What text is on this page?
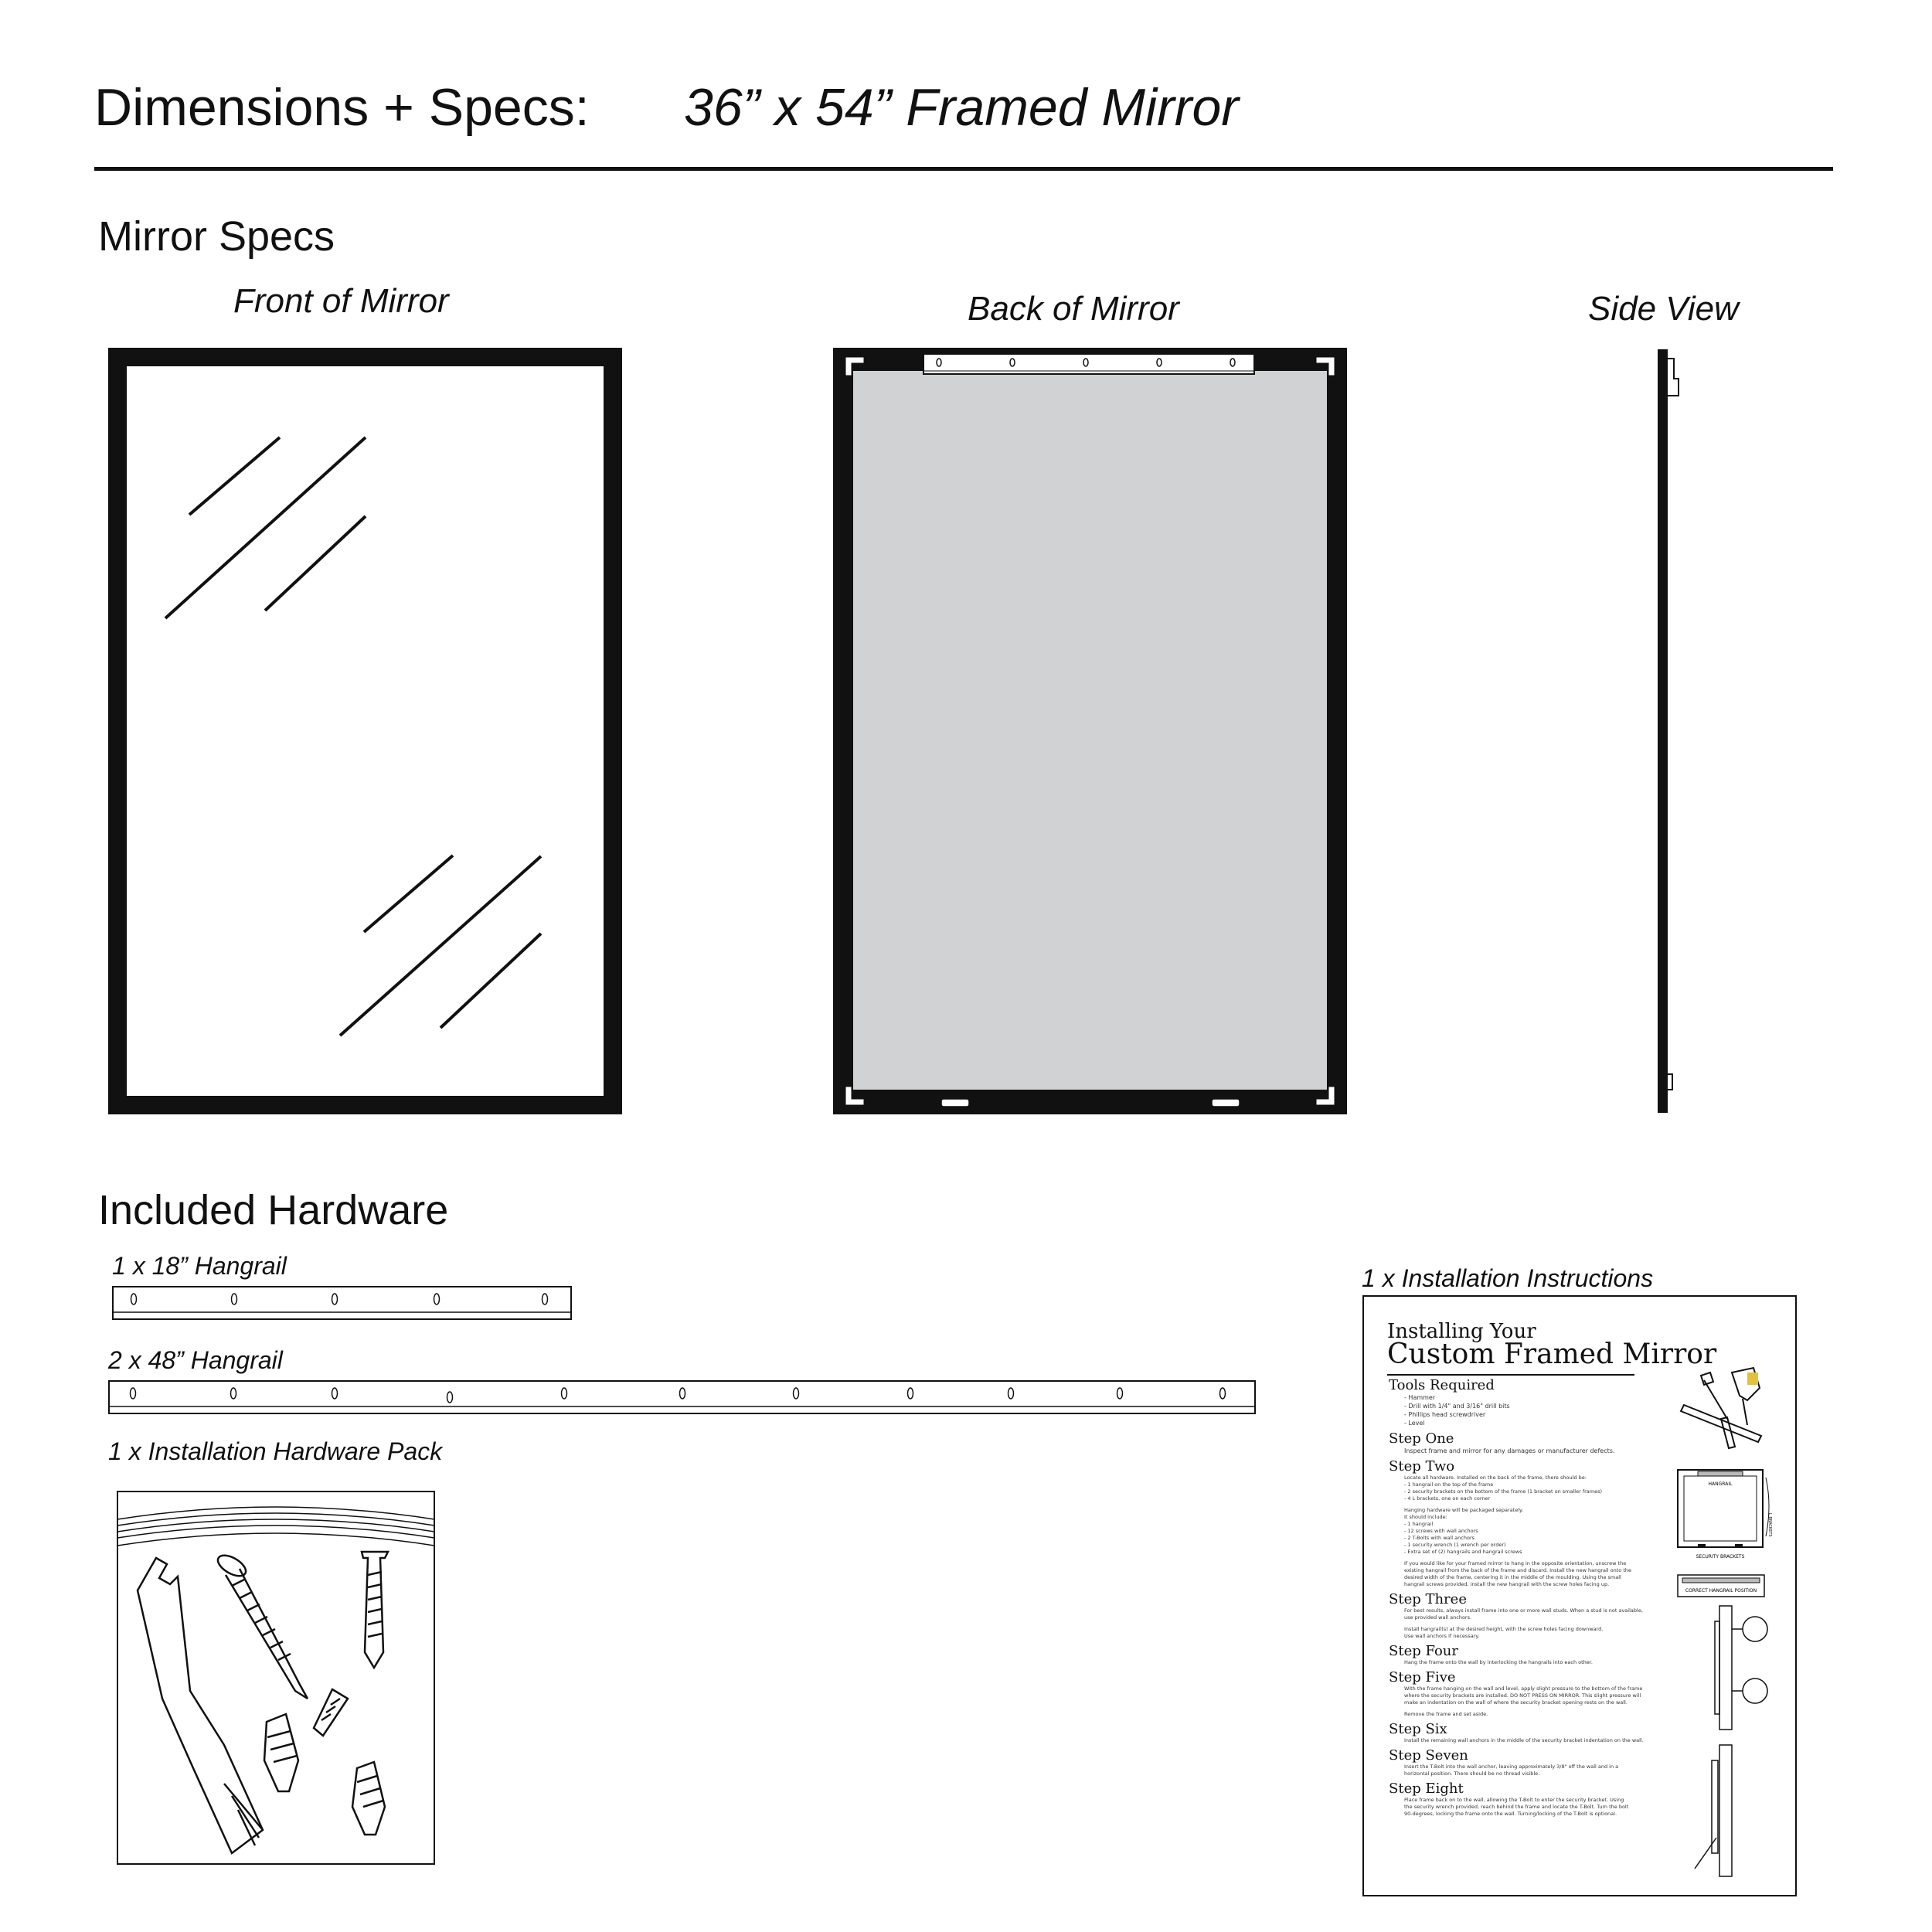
Dimensions + Specs: 36” x 54” Framed Mirror
Mirror Specs
Front of Mirror	Back of Mirror	Side View
Included Hardware
1 x 18” Hangrail
2 x 48” Hangrail
1 x Installation Hardware Pack
1 x Installation Instructions
Installing Your
Custom Framed Mirror
Tools Required
- Hammer
- Drill with 1/4" and 3/16" drill bits
- Phillips head screwdriver
- Level
Step One
Inspect frame and mirror for any damages or manufacturer defects.
Step Two
Locate all hardware. Installed on the back of the frame, there should be:
- 1 hangrail on the top of the frame
- 2 security brackets on the bottom of the frame (1 bracket on smaller frames)
- 4 L brackets, one on each corner
Hanging hardware will be packaged separately.
It should include:
- 1 hangrail
- 12 screws with wall anchors
- 2 T-Bolts with wall anchors
- 1 security wrench (1 wrench per order)
- Extra set of (2) hangrails and hangrail screws
If you would like for your framed mirror to hang in the opposite orientation, unscrew the
existing hangrail from the back of the frame and discard. Install the new hangrail onto the
desired width of the frame, centering it in the middle of the moulding. Using the small
hangrail screws provided, install the new hangrail with the screw holes facing up.
Step Three
For best results, always install frame into one or more wall studs. When a stud is not available,
use provided wall anchors.
Install hangrail(s) at the desired height, with the screw holes facing downward.
Use wall anchors if necessary.
Step Four
Hang the frame onto the wall by interlocking the hangrails into each other.
Step Five
With the frame hanging on the wall and level, apply slight pressure to the bottom of the frame
where the security brackets are installed. DO NOT PRESS ON MIRROR. This slight pressure will
make an indentation on the wall of where the security bracket opening rests on the wall.
Remove the frame and set aside.
Step Six
Install the remaining wall anchors in the middle of the security bracket indentation on the wall.
Step Seven
Insert the T-Bolt into the wall anchor, leaving approximately 3/8" off the wall and in a
horizontal position. There should be no thread visible.
Step Eight
Place frame back on to the wall, allowing the T-Bolt to enter the security bracket. Using
the security wrench provided, reach behind the frame and locate the T-Bolt. Turn the bolt
90-degrees, locking the frame onto the wall. Turning/locking of the T-Bolt is optional.
HANGRAIL
L BRACKETS
SECURITY BRACKETS
CORRECT HANGRAIL POSITION
